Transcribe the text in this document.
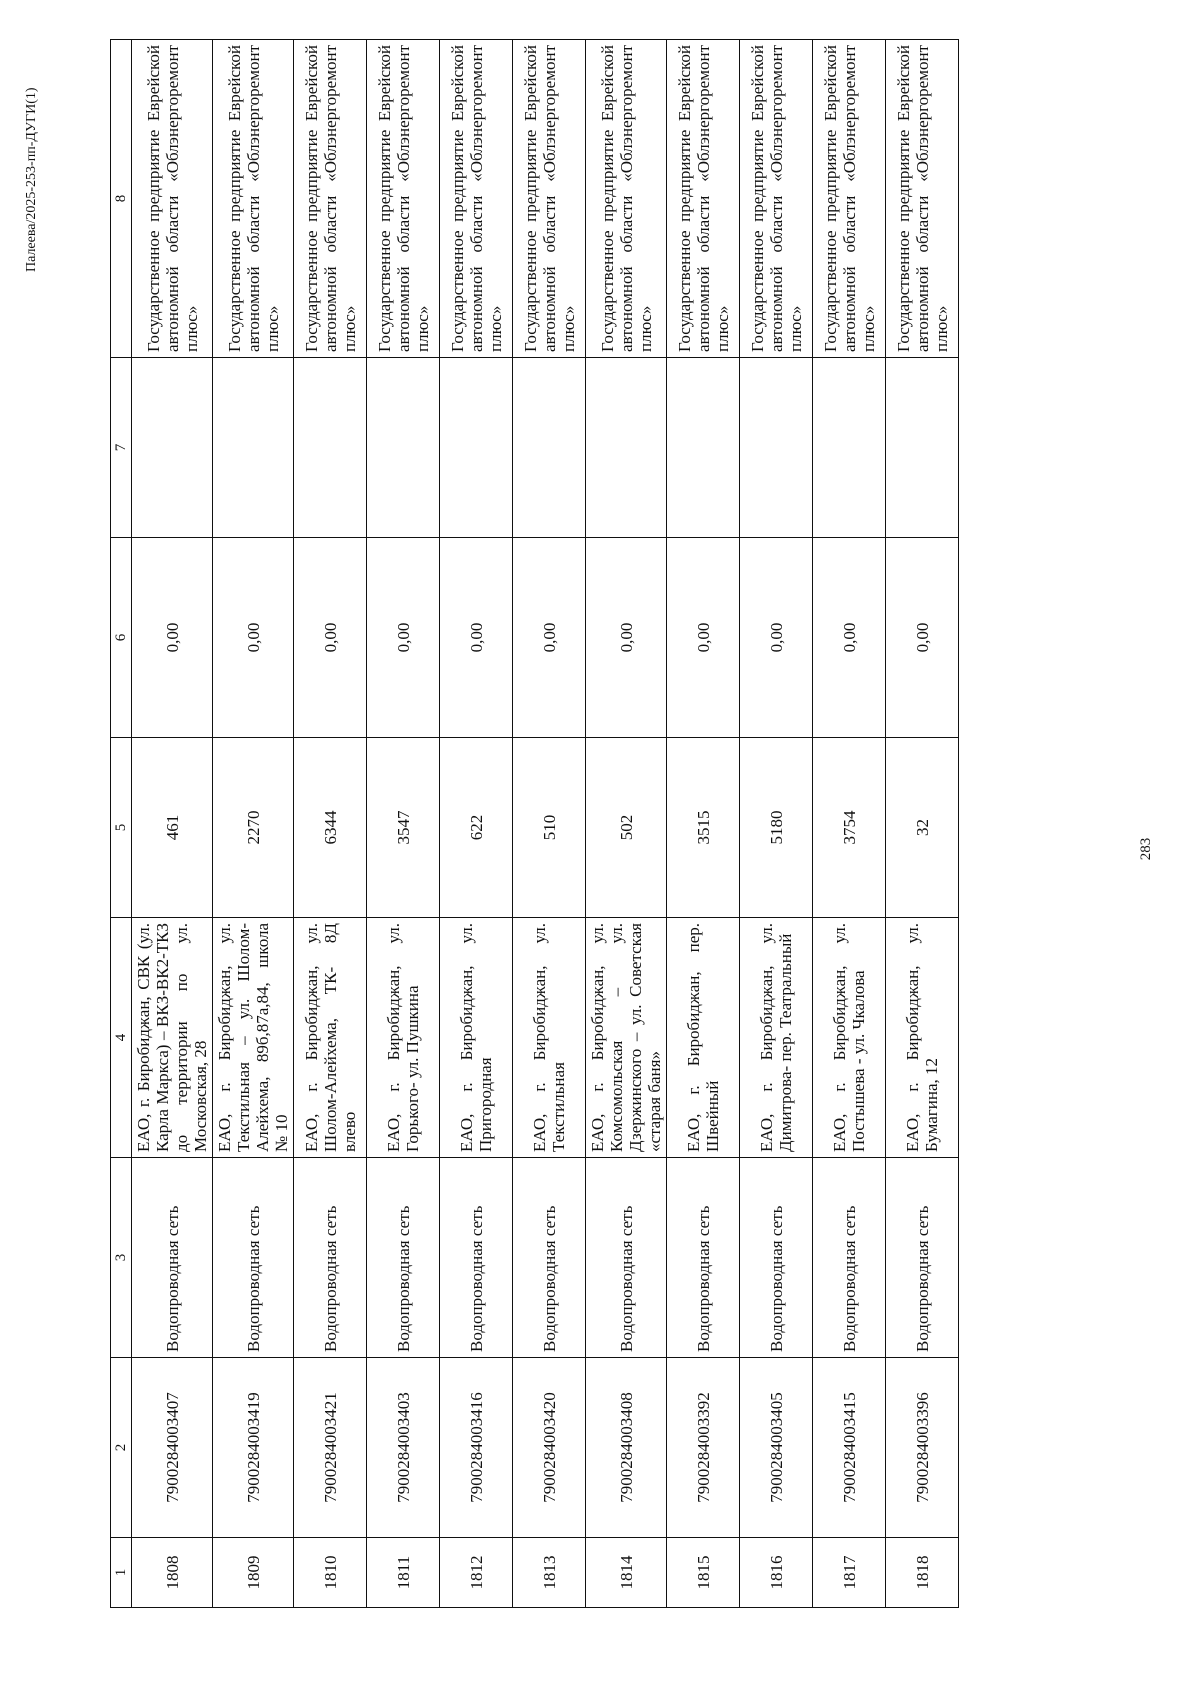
283
Палеева/2025-253-пп-ДУГИ(1)
1	2	3	4	5	6	7	8
1808	7900284003407	Водопроводная сеть	ЕАО, г. Биробиджан, СВК (ул. Карла Маркса) – ВКЗ-ВК2-ТКЗ до территории по ул. Московская, 28	461	0,00		Государственное предприятие Еврейской автономной области «Облэнергоремонт плюс»
1809	7900284003419	Водопроводная сеть	ЕАО, г. Биробиджан, ул. Текстильная – ул. Шолом-Алейхема, 89б,87а,84, школа № 10	2270	0,00		Государственное предприятие Еврейской автономной области «Облэнергоремонт плюс»
1810	7900284003421	Водопроводная сеть	ЕАО, г. Биробиджан, ул. Шолом-Алейхема, ТК- 8Д влево	6344	0,00		Государственное предприятие Еврейской автономной области «Облэнергоремонт плюс»
1811	7900284003403	Водопроводная сеть	ЕАО, г. Биробиджан, ул. Горького- ул. Пушкина	3547	0,00		Государственное предприятие Еврейской автономной области «Облэнергоремонт плюс»
1812	7900284003416	Водопроводная сеть	ЕАО, г. Биробиджан, ул. Пригородная	622	0,00		Государственное предприятие Еврейской автономной области «Облэнергоремонт плюс»
1813	7900284003420	Водопроводная сеть	ЕАО, г. Биробиджан, ул. Текстильная	510	0,00		Государственное предприятие Еврейской автономной области «Облэнергоремонт плюс»
1814	7900284003408	Водопроводная сеть	ЕАО, г. Биробиджан, ул. Комсомольская – ул. Дзержинского – ул. Советская «старая баня»	502	0,00		Государственное предприятие Еврейской автономной области «Облэнергоремонт плюс»
1815	7900284003392	Водопроводная сеть	ЕАО, г. Биробиджан, пер. Швейный	3515	0,00		Государственное предприятие Еврейской автономной области «Облэнергоремонт плюс»
1816	7900284003405	Водопроводная сеть	ЕАО, г. Биробиджан, ул. Димитрова- пер. Театральный	5180	0,00		Государственное предприятие Еврейской автономной области «Облэнергоремонт плюс»
1817	7900284003415	Водопроводная сеть	ЕАО, г. Биробиджан, ул. Постышева - ул. Чкалова	3754	0,00		Государственное предприятие Еврейской автономной области «Облэнергоремонт плюс»
1818	7900284003396	Водопроводная сеть	ЕАО, г. Биробиджан, ул. Бумагина, 12	32	0,00		Государственное предприятие Еврейской автономной области «Облэнергоремонт плюс»
